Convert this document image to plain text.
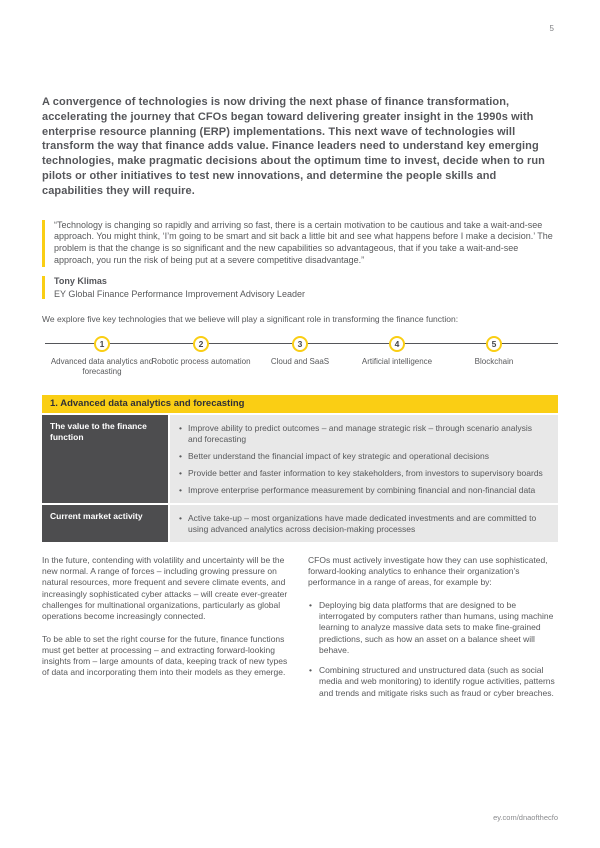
5

A convergence of technologies is now driving the next phase of finance transformation, accelerating the journey that CFOs began toward delivering greater insight in the 1990s with enterprise resource planning (ERP) implementations. This next wave of technologies will transform the way that finance adds value. Finance leaders need to understand key emerging technologies, make pragmatic decisions about the optimum time to invest, decide when to run pilots or other initiatives to test new innovations, and determine the people skills and capabilities they will require.

“Technology is changing so rapidly and arriving so fast, there is a certain motivation to be cautious and take a wait-and-see approach. You might think, ‘I’m going to be smart and sit back a little bit and see what happens before I make a decision.’ The problem is that the change is so significant and the new capabilities so advantageous, that if you take a wait-and-see approach, you run the risk of being put at a severe competitive disadvantage.”

Tony Klimas
EY Global Finance Performance Improvement Advisory Leader

We explore five key technologies that we believe will play a significant role in transforming the finance function:

1
Advanced data analytics and forecasting
2
Robotic process automation
3
Cloud and SaaS
4
Artificial intelligence
5
Blockchain
1. Advanced data analytics and forecasting
The value to the finance function
• Improve ability to predict outcomes – and manage strategic risk – through scenario analysis and forecasting
• Better understand the financial impact of key strategic and operational decisions
• Provide better and faster information to key stakeholders, from investors to supervisory boards
• Improve enterprise performance measurement by combining financial and non-financial data
Current market activity	• Active take-up – most organizations have made dedicated investments and are committed to using advanced analytics across decision-making processes

In the future, contending with volatility and uncertainty will be the new normal. A range of forces – including growing pressure on natural resources, more frequent and severe climate events, and increasingly sophisticated cyber attacks – will create ever-greater challenges for multinational organizations, particularly as global operations become increasingly connected.

To be able to set the right course for the future, finance functions must get better at processing – and extracting forward-looking insights from – large amounts of data, keeping track of new types of data and incorporating them into their models as they emerge.

CFOs must actively investigate how they can use sophisticated, forward-looking analytics to enhance their organization’s performance in a range of areas, for example by:

• Deploying big data platforms that are designed to be interrogated by computers rather than humans, using machine learning to analyze massive data sets to make fine-grained predictions, such as how an asset on a balance sheet will behave.
• Combining structured and unstructured data (such as social media and web monitoring) to identify rogue activities, patterns and trends and mitigate risks such as fraud or cyber breaches.
ey.com/dnaofthecfo
